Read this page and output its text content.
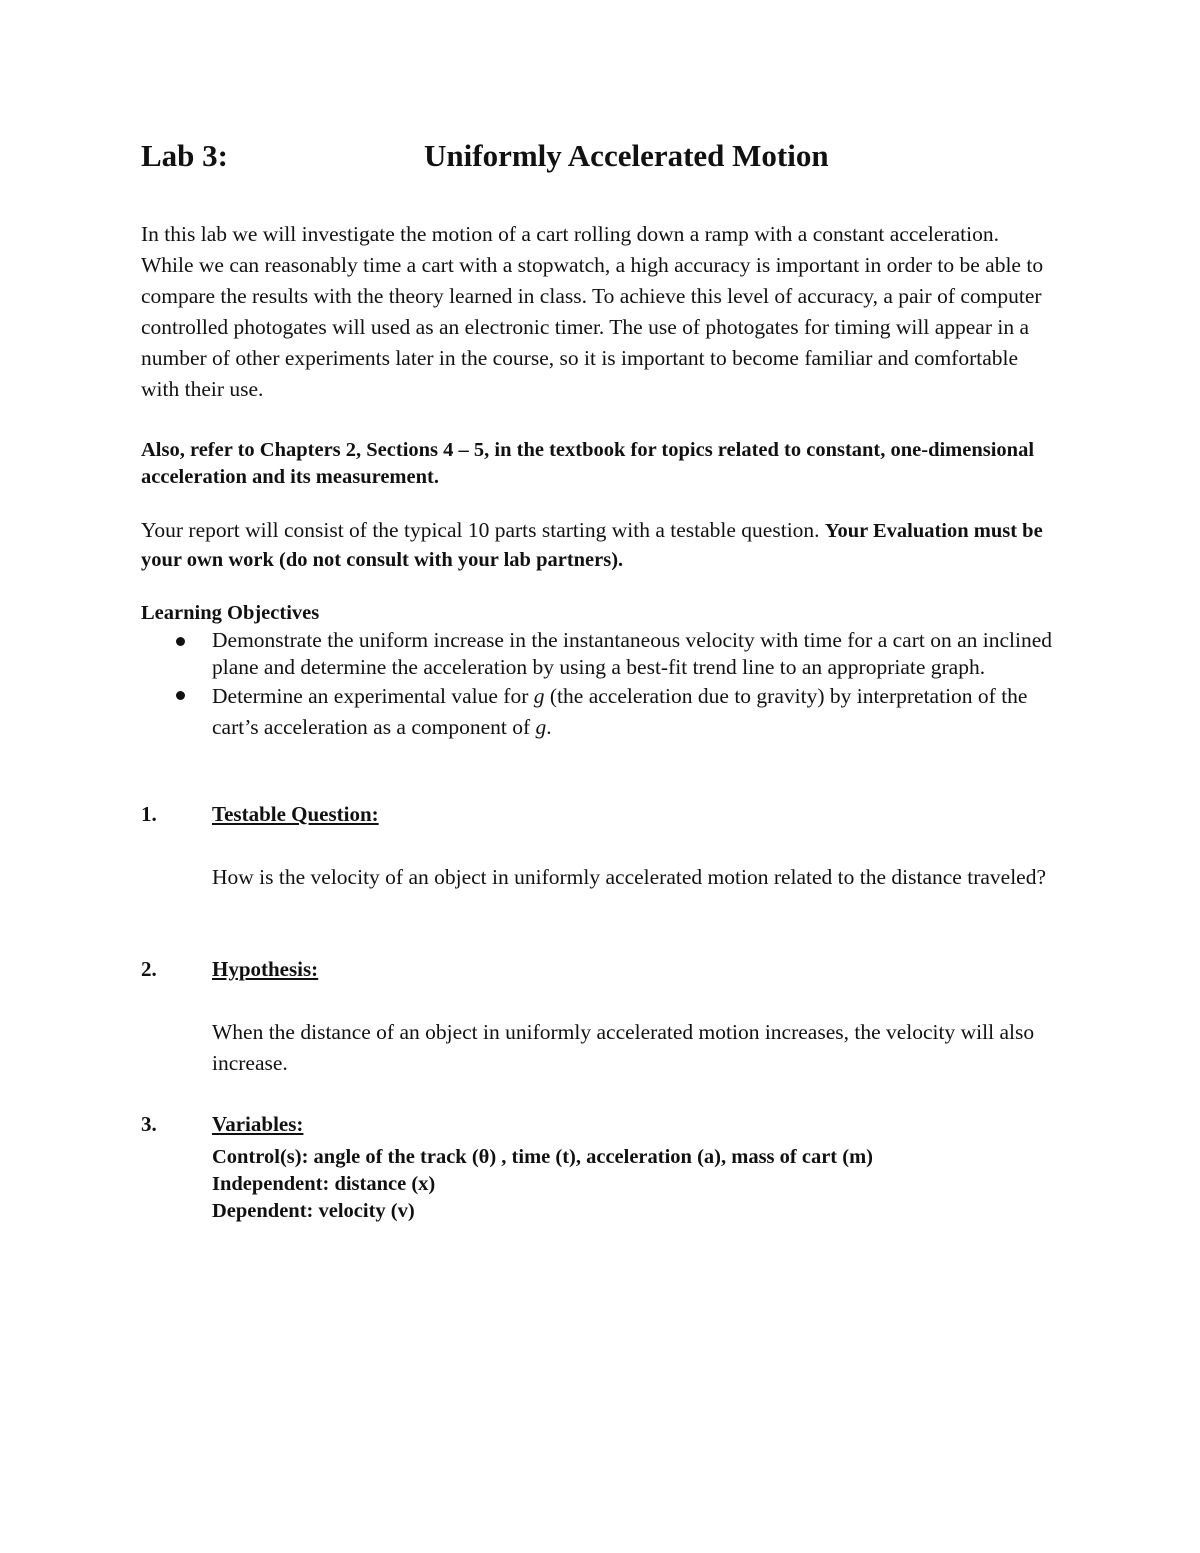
Lab 3:	Uniformly Accelerated Motion
In this lab we will investigate the motion of a cart rolling down a ramp with a constant acceleration. While we can reasonably time a cart with a stopwatch, a high accuracy is important in order to be able to compare the results with the theory learned in class. To achieve this level of accuracy, a pair of computer controlled photogates will used as an electronic timer. The use of photogates for timing will appear in a number of other experiments later in the course, so it is important to become familiar and comfortable with their use.
Also, refer to Chapters 2, Sections 4 – 5, in the textbook for topics related to constant, one-dimensional acceleration and its measurement.
Your report will consist of the typical 10 parts starting with a testable question. Your Evaluation must be your own work (do not consult with your lab partners).
Learning Objectives
Demonstrate the uniform increase in the instantaneous velocity with time for a cart on an inclined plane and determine the acceleration by using a best-fit trend line to an appropriate graph.
Determine an experimental value for g (the acceleration due to gravity) by interpretation of the cart’s acceleration as a component of g.
1.	Testable Question:
How is the velocity of an object in uniformly accelerated motion related to the distance traveled?
2.	Hypothesis:
When the distance of an object in uniformly accelerated motion increases, the velocity will also increase.
3.	Variables:
Control(s): angle of the track (θ) , time (t), acceleration (a), mass of cart (m)
Independent: distance (x)
Dependent: velocity (v)
